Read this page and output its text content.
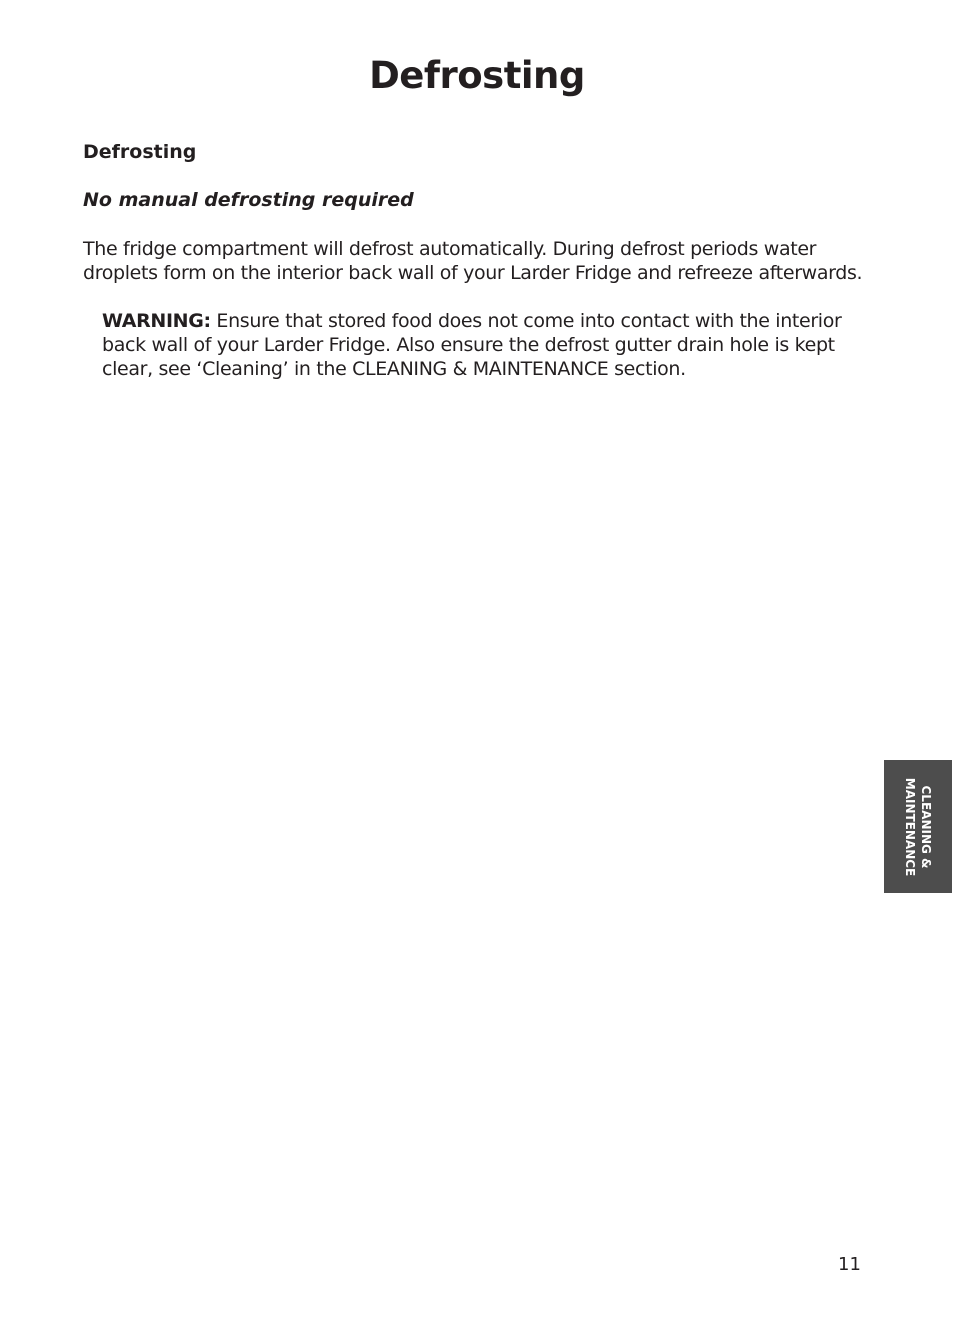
Defrosting
Defrosting
No manual defrosting required

The fridge compartment will defrost automatically. During defrost periods water droplets form on the interior back wall of your Larder Fridge and refreeze afterwards.

WARNING: Ensure that stored food does not come into contact with the interior back wall of your Larder Fridge. Also ensure the defrost gutter drain hole is kept clear, see ‘Cleaning’ in the CLEANING & MAINTENANCE section.

CLEANING &
MAINTENANCE

11
